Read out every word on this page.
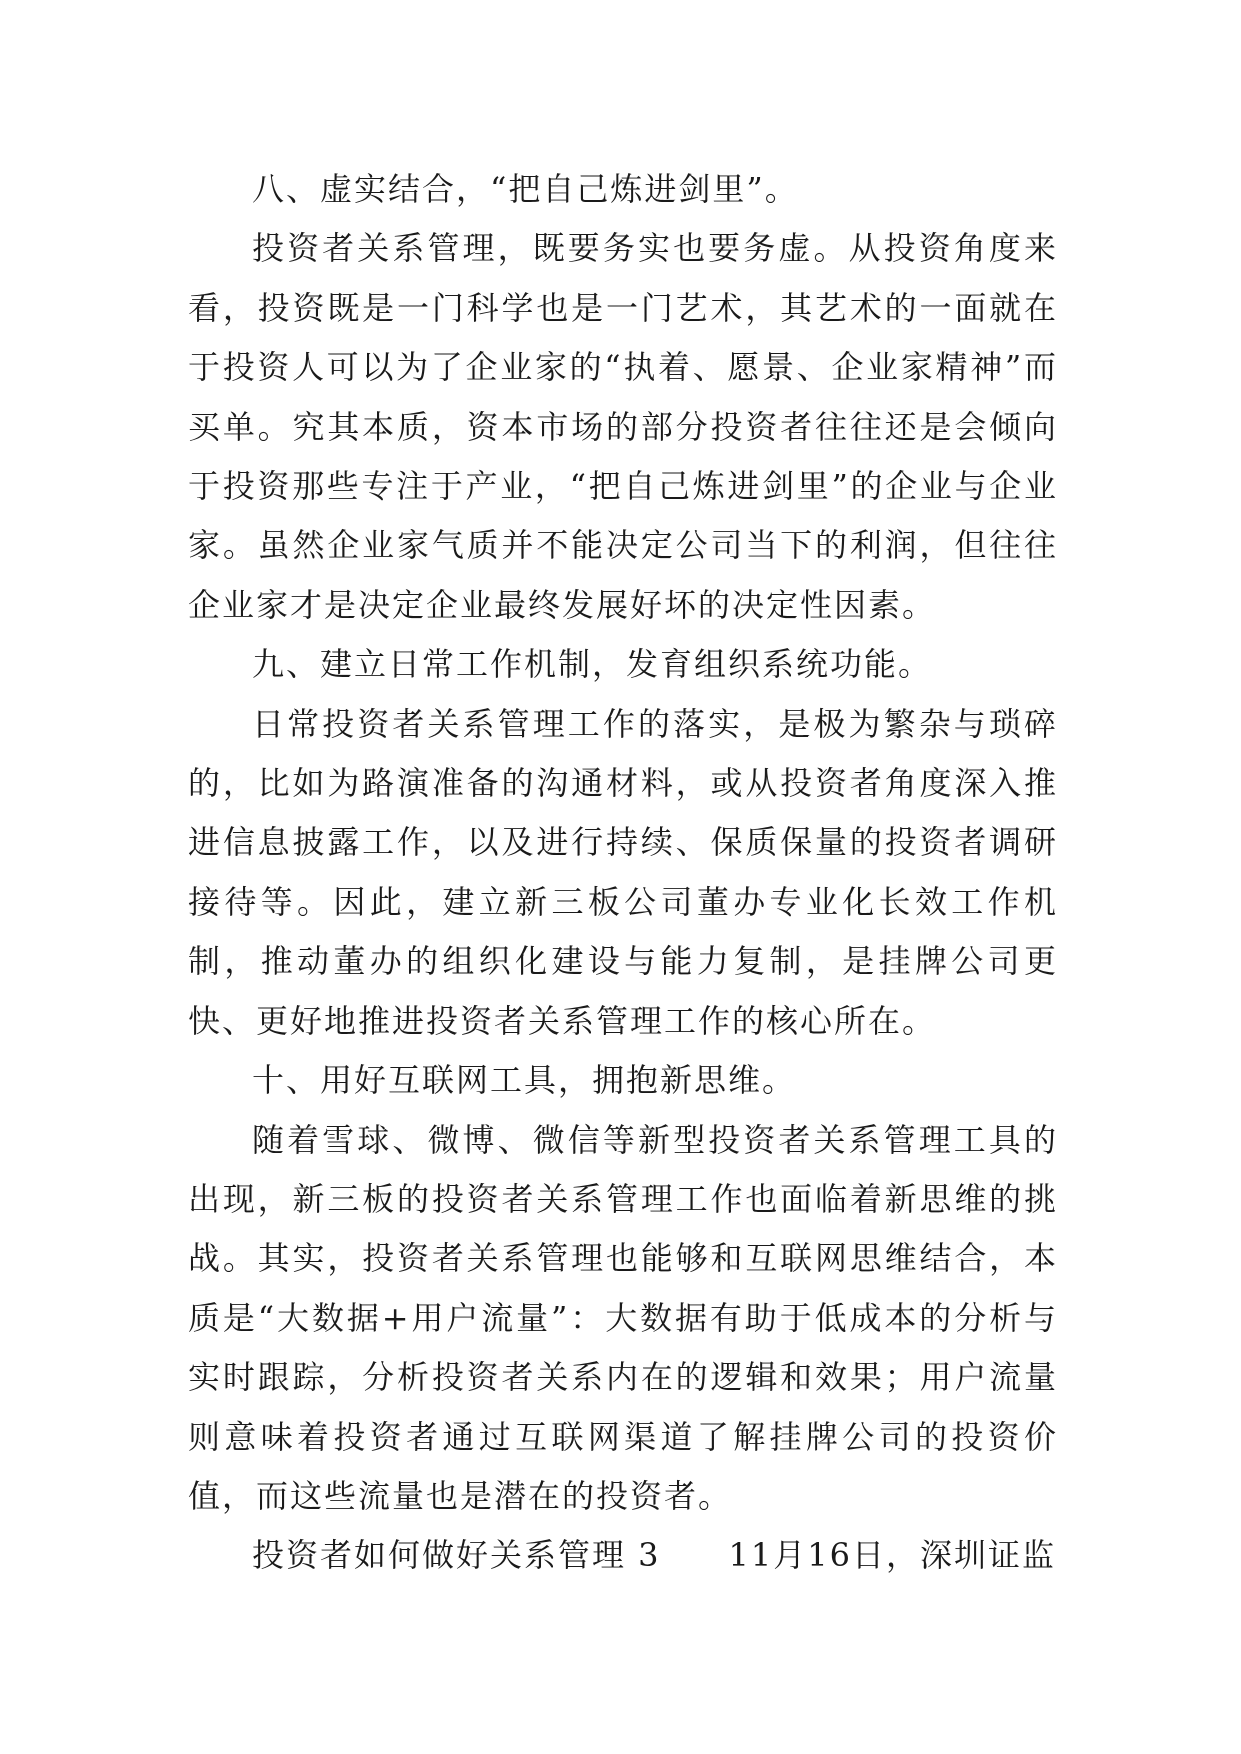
八、虚实结合，“把自己炼进剑里”。

投资者关系管理，既要务实也要务虚。从投资角度来看，投资既是一门科学也是一门艺术，其艺术的一面就在于投资人可以为了企业家的“执着、愿景、企业家精神”而买单。究其本质，资本市场的部分投资者往往还是会倾向于投资那些专注于产业，“把自己炼进剑里”的企业与企业家。虽然企业家气质并不能决定公司当下的利润，但往往企业家才是决定企业最终发展好坏的决定性因素。

九、建立日常工作机制，发育组织系统功能。

日常投资者关系管理工作的落实，是极为繁杂与琐碎的，比如为路演准备的沟通材料，或从投资者角度深入推进信息披露工作，以及进行持续、保质保量的投资者调研接待等。因此，建立新三板公司董办专业化长效工作机制，推动董办的组织化建设与能力复制，是挂牌公司更快、更好地推进投资者关系管理工作的核心所在。

十、用好互联网工具，拥抱新思维。

随着雪球、微博、微信等新型投资者关系管理工具的出现，新三板的投资者关系管理工作也面临着新思维的挑战。其实，投资者关系管理也能够和互联网思维结合，本质是“大数据+用户流量”：大数据有助于低成本的分析与实时跟踪，分析投资者关系内在的逻辑和效果；用户流量则意味着投资者通过互联网渠道了解挂牌公司的投资价值，而这些流量也是潜在的投资者。

投资者如何做好关系管理 3　　11月16日，深圳证监
